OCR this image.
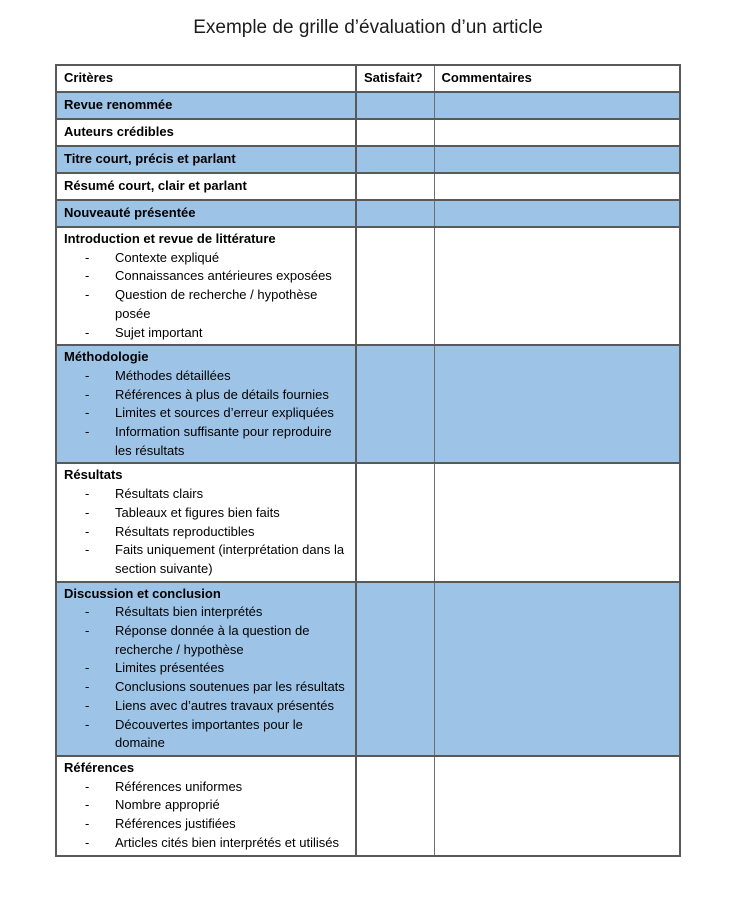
Exemple de grille d’évaluation d’un article
Critères	Satisfait?	Commentaires

Revue renommée		

Auteurs crédibles		

Titre court, précis et parlant		

Résumé court, clair et parlant		

Nouveauté présentée		

Introduction et revue de littérature
-	Contexte expliqué
-	Connaissances antérieures exposées
-	Question de recherche / hypothèse posée
-	Sujet important

Méthodologie
-	Méthodes détaillées
-	Références à plus de détails fournies
-	Limites et sources d’erreur expliquées
-	Information suffisante pour reproduire les résultats

Résultats
-	Résultats clairs
-	Tableaux et figures bien faits
-	Résultats reproductibles
-	Faits uniquement (interprétation dans la section suivante)

Discussion et conclusion
-	Résultats bien interprétés
-	Réponse donnée à la question de recherche / hypothèse
-	Limites présentées
-	Conclusions soutenues par les résultats
-	Liens avec d’autres travaux présentés
-	Découvertes importantes pour le domaine

Références
-	Références uniformes
-	Nombre approprié
-	Références justifiées
-	Articles cités bien interprétés et utilisés
